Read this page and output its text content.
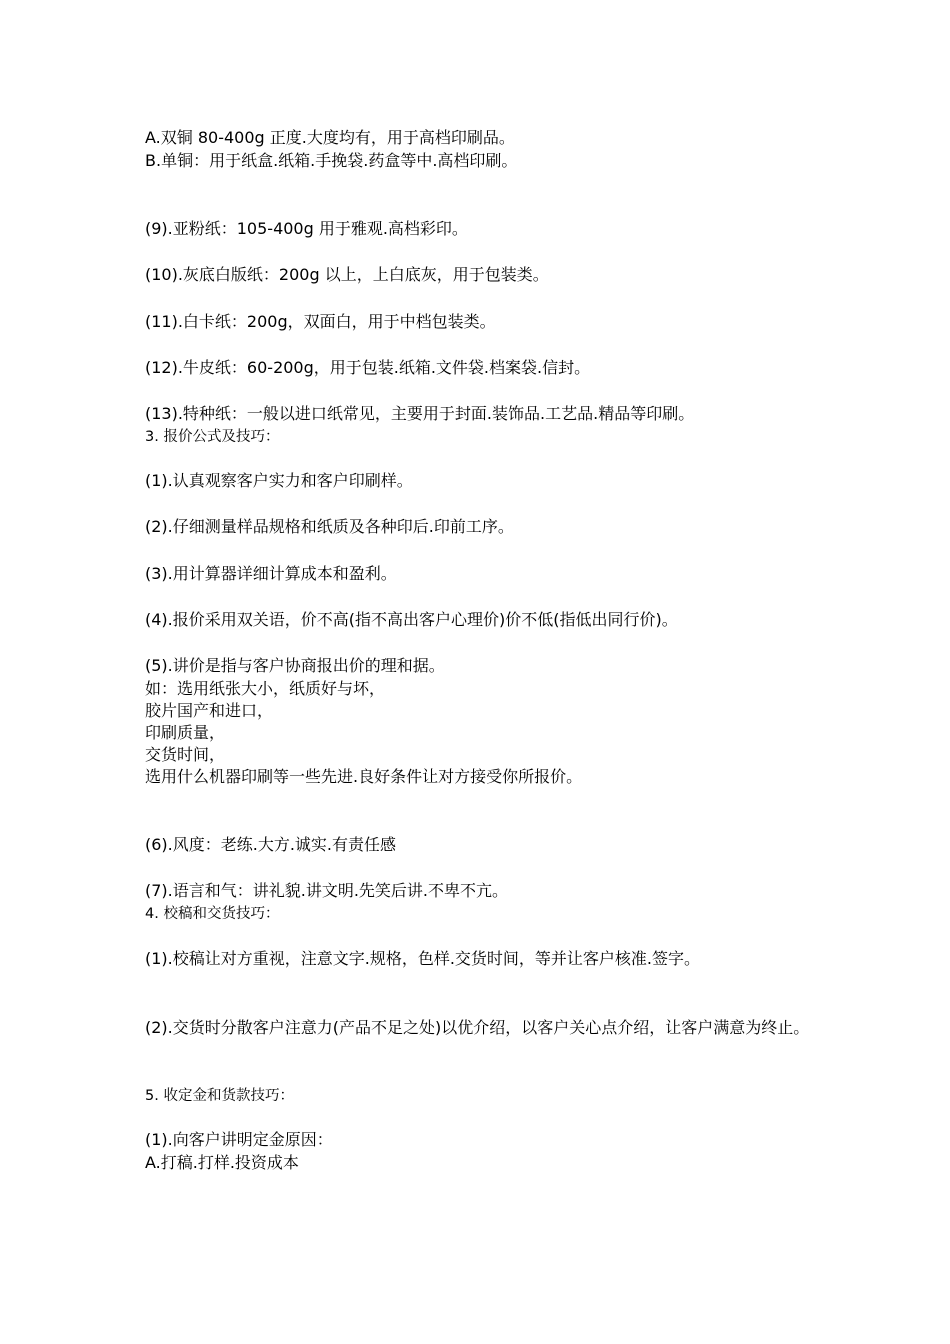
A.双铜 80-400g 正度.大度均有，用于高档印刷品。

B.单铜：用于纸盒.纸箱.手挽袋.药盒等中.高档印刷。

(9).亚粉纸：105-400g 用于雅观.高档彩印。

(10).灰底白版纸：200g 以上，上白底灰，用于包装类。

(11).白卡纸：200g，双面白，用于中档包装类。

(12).牛皮纸：60-200g，用于包装.纸箱.文件袋.档案袋.信封。

(13).特种纸：一般以进口纸常见，主要用于封面.装饰品.工艺品.精品等印刷。

3. 报价公式及技巧：

(1).认真观察客户实力和客户印刷样。

(2).仔细测量样品规格和纸质及各种印后.印前工序。

(3).用计算器详细计算成本和盈利。

(4).报价采用双关语，价不高(指不高出客户心理价)价不低(指低出同行价)。

(5).讲价是指与客户协商报出价的理和据。

如：选用纸张大小，纸质好与坏，

胶片国产和进口，

印刷质量，

交货时间，

选用什么机器印刷等一些先进.良好条件让对方接受你所报价。

(6).风度：老练.大方.诚实.有责任感

(7).语言和气：讲礼貌.讲文明.先笑后讲.不卑不亢。

4. 校稿和交货技巧：

(1).校稿让对方重视，注意文字.规格，色样.交货时间，等并让客户核准.签字。

(2).交货时分散客户注意力(产品不足之处)以优介绍，以客户关心点介绍，让客户满意为终止。

5. 收定金和货款技巧：

(1).向客户讲明定金原因：

A.打稿.打样.投资成本
